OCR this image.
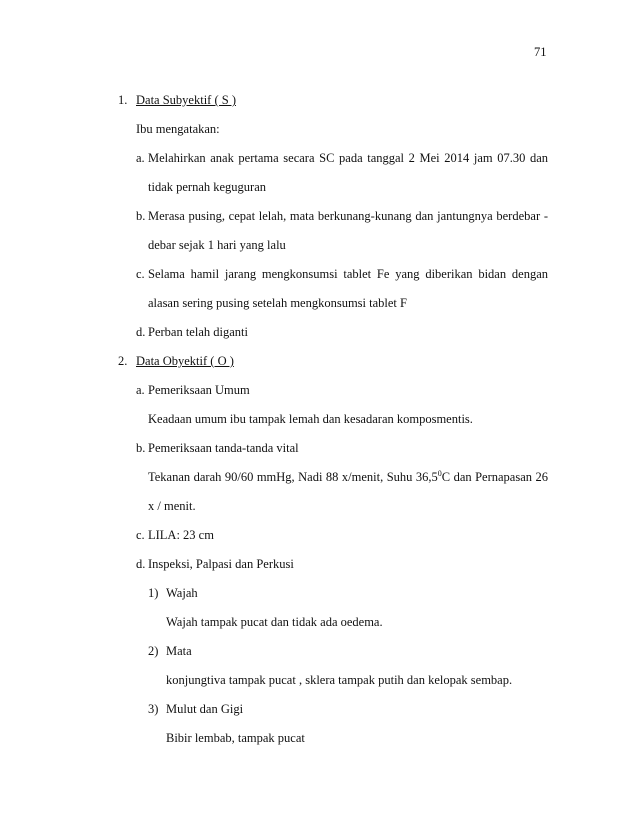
71
1. Data Subyektif ( S )
Ibu mengatakan:
a. Melahirkan anak pertama secara SC pada tanggal 2 Mei 2014 jam 07.30 dan
tidak pernah keguguran
b. Merasa pusing, cepat lelah, mata berkunang-kunang dan jantungnya berdebar -
debar sejak 1 hari yang lalu
c. Selama hamil jarang mengkonsumsi tablet Fe yang diberikan bidan dengan
alasan sering pusing setelah mengkonsumsi tablet F
d. Perban telah diganti
2. Data Obyektif ( O )
a. Pemeriksaan Umum
Keadaan umum ibu tampak lemah dan kesadaran komposmentis.
b. Pemeriksaan tanda-tanda vital
Tekanan darah 90/60 mmHg, Nadi 88 x/menit, Suhu 36,5$^0$C dan Pernapasan 26
x / menit.
c. LILA: 23 cm
d. Inspeksi, Palpasi dan Perkusi
1) Wajah
Wajah tampak pucat dan tidak ada oedema.
2) Mata
konjungtiva tampak pucat , sklera tampak putih dan kelopak sembap.
3) Mulut dan Gigi
Bibir lembab, tampak pucat
